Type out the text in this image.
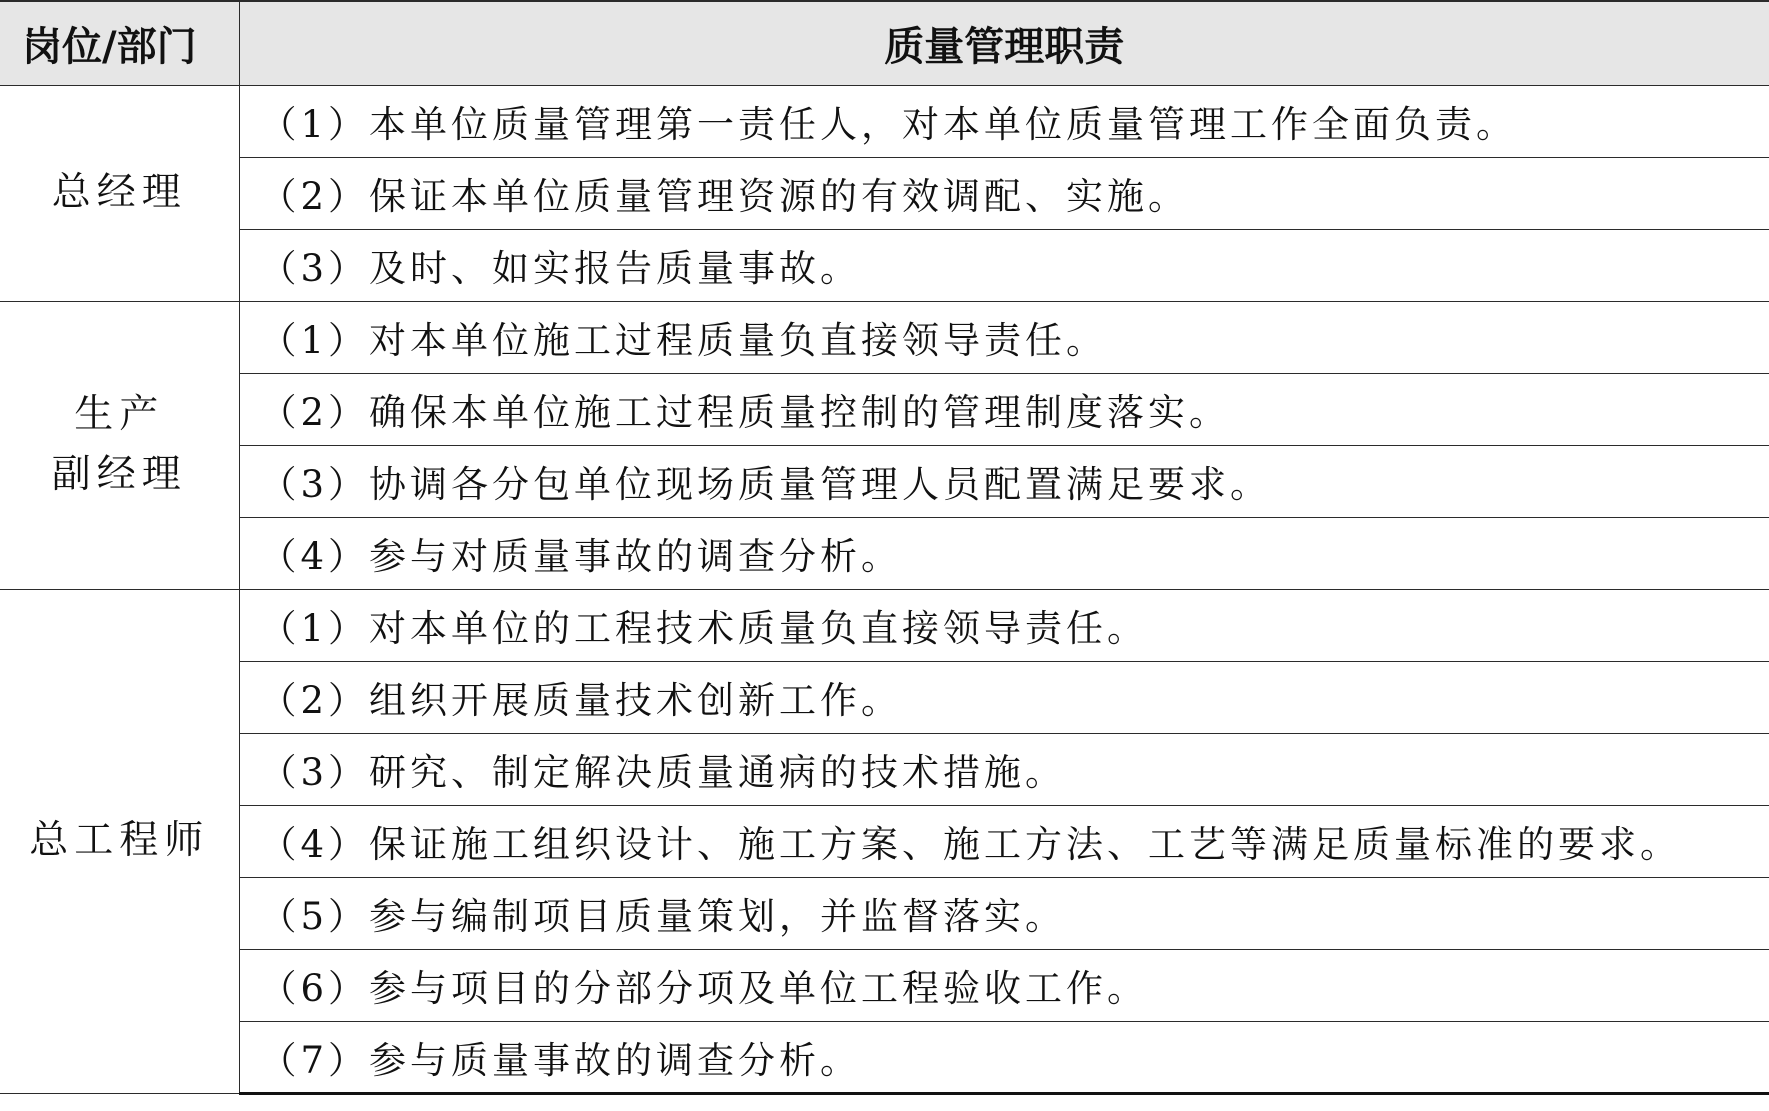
岗位/部门	质量管理职责

总经理	（1）本单位质量管理第一责任人，对本单位质量管理工作全面负责。
	（2）保证本单位质量管理资源的有效调配、实施。
	（3）及时、如实报告质量事故。

生产
副经理	（1）对本单位施工过程质量负直接领导责任。
	（2）确保本单位施工过程质量控制的管理制度落实。
	（3）协调各分包单位现场质量管理人员配置满足要求。
	（4）参与对质量事故的调查分析。

总工程师	（1）对本单位的工程技术质量负直接领导责任。
	（2）组织开展质量技术创新工作。
	（3）研究、制定解决质量通病的技术措施。
	（4）保证施工组织设计、施工方案、施工方法、工艺等满足质量标准的要求。
	（5）参与编制项目质量策划，并监督落实。
	（6）参与项目的分部分项及单位工程验收工作。
	（7）参与质量事故的调查分析。
